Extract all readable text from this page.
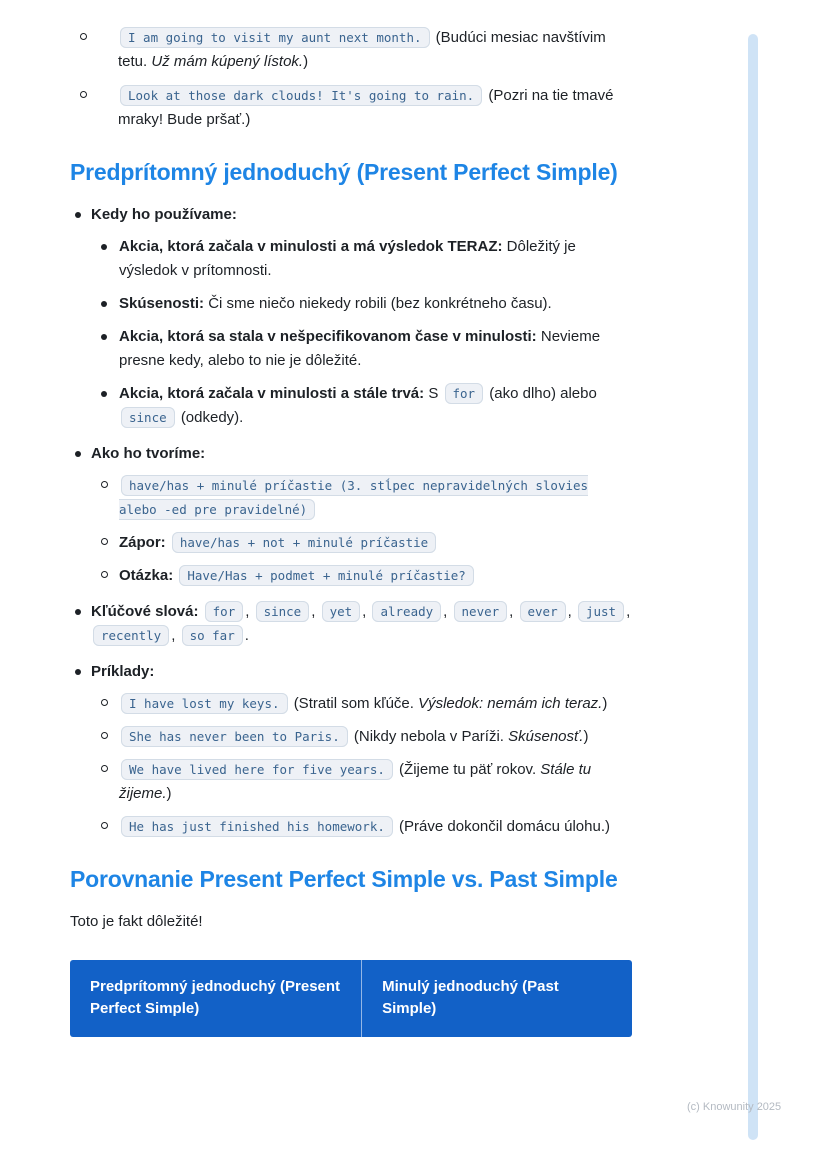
I am going to visit my aunt next month. (Budúci mesiac navštívim tetu. Už mám kúpený lístok.)
Look at those dark clouds! It's going to rain. (Pozri na tie tmavé mraky! Bude pršať.)
Predprítomný jednoduchý (Present Perfect Simple)
Kedy ho používame:
Akcia, ktorá začala v minulosti a má výsledok TERAZ: Dôležitý je výsledok v prítomnosti.
Skúsenosti: Či sme niečo niekedy robili (bez konkrétneho času).
Akcia, ktorá sa stala v nešpecifikovanom čase v minulosti: Nevieme presne kedy, alebo to nie je dôležité.
Akcia, ktorá začala v minulosti a stále trvá: S for (ako dlho) alebo since (odkedy).
Ako ho tvoríme:
have/has + minulé príčastie (3. stĺpec nepravidelných slovies alebo -ed pre pravidelné)
Zápor: have/has + not + minulé príčastie
Otázka: Have/Has + podmet + minulé príčastie?
Kľúčové slová: for , since , yet , already , never , ever , just , recently , so far .
Príklady:
I have lost my keys. (Stratil som kľúče. Výsledok: nemám ich teraz.)
She has never been to Paris. (Nikdy nebola v Paríži. Skúsenosť.)
We have lived here for five years. (Žijeme tu päť rokov. Stále tu žijeme.)
He has just finished his homework. (Práve dokončil domácu úlohu.)
Porovnanie Present Perfect Simple vs. Past Simple

Toto je fakt dôležité!

Predprítomný jednoduchý (Present Perfect Simple)
Minulý jednoduchý (Past Simple)
(c) Knowunity 2025
